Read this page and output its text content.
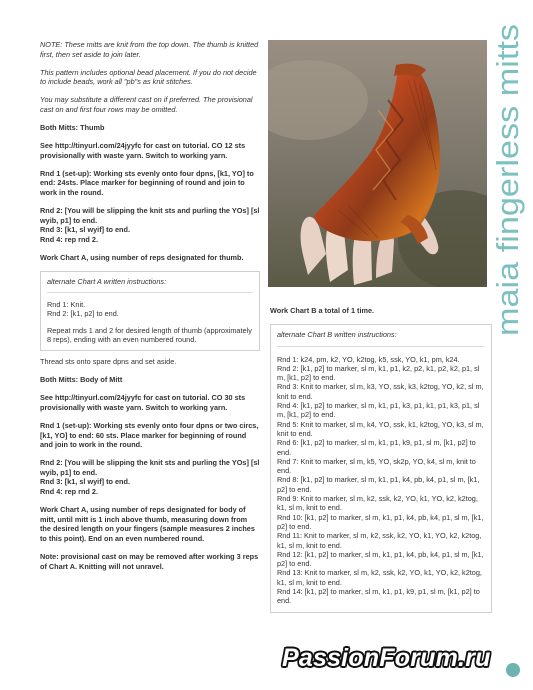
NOTE: These mitts are knit from the top down. The thumb is knitted first, then set aside to join later.

This pattern includes optional bead placement. If you do not decide to include beads, work all "pb"s as knit stitches.

You may substitute a different cast on if preferred. The provisional cast on and first four rows may be omitted.

Both Mitts: Thumb

See http://tinyurl.com/24jyyfc for cast on tutorial. CO 12 sts provisionally with waste yarn. Switch to working yarn.

Rnd 1 (set-up): Working sts evenly onto four dpns, [k1, YO] to end: 24sts. Place marker for beginning of round and join to work in the round.

Rnd 2: [You will be slipping the knit sts and purling the YOs] [sl wyib, p1] to end.

Rnd 3: [k1, sl wyif] to end.

Rnd 4: rep rnd 2.

Work Chart A, using number of reps designated for thumb.

alternate Chart A written instructions:

Rnd 1: Knit.

Rnd 2: [k1, p2] to end.

Repeat rnds 1 and 2 for desired length of thumb (approximately 8 reps), ending with an even numbered round.

Thread sts onto spare dpns and set aside.

Both Mitts: Body of Mitt

See http://tinyurl.com/24jyyfc for cast on tutorial. CO 30 sts provisionally with waste yarn. Switch to working yarn.

Rnd 1 (set-up): Working sts evenly onto four dpns or two circs, [k1, YO] to end: 60 sts. Place marker for beginning of round and join to work in the round.

Rnd 2: [You will be slipping the knit sts and purling the YOs] [sl wyib, p1] to end.

Rnd 3: [k1, sl wyif] to end.

Rnd 4: rep rnd 2.

Work Chart A, using number of reps designated for body of mitt, until mitt is 1 inch above thumb, measuring down from the desired length on your fingers (sample measures 2 inches to this point). End on an even numbered round.

Note: provisional cast on may be removed after working 3 reps of Chart A. Knitting will not unravel.

maia fingerless mitts

Work Chart B a total of 1 time.

alternate Chart B written instructions:

Rnd 1: k24, pm, k2, YO, k2tog, k5, ssk, YO, k1, pm, k24.

Rnd 2: [k1, p2] to marker, sl m, k1, p1, k2, p2, k1, p2, k2, p1, sl m, [k1, p2] to end.

Rnd 3: Knit to marker, sl m, k3, YO, ssk, k3, k2tog, YO, k2, sl m, knit to end.

Rnd 4: [k1, p2] to marker, sl m, k1, p1, k3, p1, k1, p1, k3, p1, sl m, [k1, p2] to end.

Rnd 5: Knit to marker, sl m, k4, YO, ssk, k1, k2tog, YO, k3, sl m, knit to end.

Rnd 6: [k1, p2] to marker, sl m, k1, p1, k9, p1, sl m, [k1, p2] to end.

Rnd 7: Knit to marker, sl m, k5, YO, sk2p, YO, k4, sl m, knit to end.

Rnd 8: [k1, p2] to marker, sl m, k1, p1, k4, pb, k4, p1, sl m, [k1, p2] to end.

Rnd 9: Knit to marker, sl m, k2, ssk, k2, YO, k1, YO, k2, k2tog, k1, sl m, knit to end.

Rnd 10: [k1, p2] to marker, sl m, k1, p1, k4, pb, k4, p1, sl m, [k1, p2] to end.

Rnd 11: Knit to marker, sl m, k2, ssk, k2, YO, k1, YO, k2, k2tog, k1, sl m, knit to end.

Rnd 12: [k1, p2] to marker, sl m, k1, p1, k4, pb, k4, p1, sl m, [k1, p2] to end.

Rnd 13: Knit to marker, sl m, k2, ssk, k2, YO, k1, YO, k2, k2tog, k1, sl m, knit to end.

Rnd 14: [k1, p2] to marker, sl m, k1, p1, k9, p1, sl m, [k1, p2] to end.

PassionForum.ru
